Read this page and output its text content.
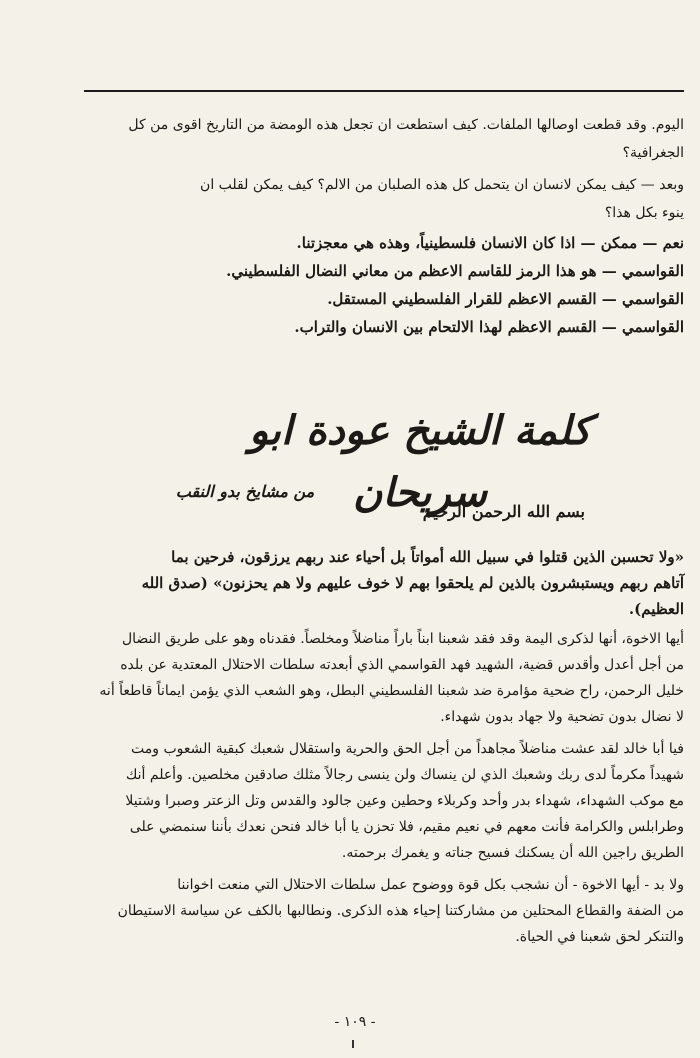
اليوم. وقد قطعت اوصالها الملفات. كيف استطعت ان تجعل هذه الومضة من التاريخ اقوى من كل
الجغرافية؟
وبعد — كيف يمكن لانسان ان يتحمل كل هذه الصلبان من الالم؟ كيف يمكن لقلب ان
ينوء بكل هذا؟
نعم — ممكن — اذا كان الانسان فلسطينياً، وهذه هي معجزتنا.
القواسمي — هو هذا الرمز للقاسم الاعظم من معاني النضال الفلسطيني.
القواسمي — القسم الاعظم للقرار الفلسطيني المستقل.
القواسمي — القسم الاعظم لهذا الالتحام بين الانسان والتراب.
كلمة الشيخ عودة ابو سريحان
من مشايخ بدو النقب
بسم الله الرحمن الرحيم
«ولا تحسبن الذين قتلوا في سبيل الله أمواتاً بل أحياء عند ربهم يرزقون، فرحين بما
آتاهم ربهم ويستبشرون بالذين لم يلحقوا بهم لا خوف عليهم ولا هم يحزنون» (صدق الله
العظيم).
أيها الاخوة، أنها لذكرى اليمة وقد فقد شعبنا ابناً باراً مناضلاً ومخلصاً. فقدناه وهو على طريق النضال
من أجل أعدل وأقدس قضية، الشهيد فهد القواسمي الذي أبعدته سلطات الاحتلال المعتدية عن بلده
خليل الرحمن، راح ضحية مؤامرة ضد شعبنا الفلسطيني البطل، وهو الشعب الذي يؤمن ايماناً قاطعاً أنه
لا نضال بدون تضحية ولا جهاد بدون شهداء.
فيا أبا خالد لقد عشت مناضلاً مجاهداً من أجل الحق والحرية واستقلال شعبك كبقية الشعوب ومت
شهيداً مكرماً لدى ربك وشعبك الذي لن ينساك ولن ينسى رجالاً مثلك صادقين مخلصين. وأعلم أنك
مع موكب الشهداء، شهداء بدر وأحد وكربلاء وحطين وعين جالود والقدس وتل الزعتر وصبرا وشتيلا
وطرابلس والكرامة فأنت معهم في نعيم مقيم، فلا تحزن يا أبا خالد فنحن نعدك بأننا سنمضي على
الطريق راجين الله أن يسكنك فسيح جناته و يغمرك برحمته.
ولا بد - أيها الاخوة - أن نشجب بكل قوة ووضوح عمل سلطات الاحتلال التي منعت اخواننا
من الضفة والقطاع المحتلين من مشاركتنا إحياء هذه الذكرى. ونطالبها بالكف عن سياسة الاستيطان
والتنكر لحق شعبنا في الحياة.
- ١٠٩ -
